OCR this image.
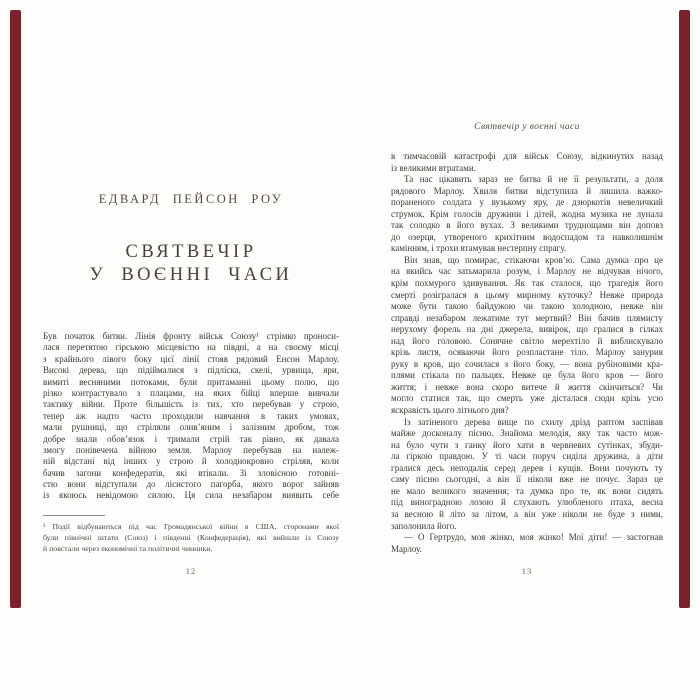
ЕДВАРД ПЕЙСОН РОУ
СВЯТВЕЧІР
У ВОЄННІ ЧАСИ
Був початок битви. Лінія фронту військ Союзу¹ стрімко проноси-
лася перетятою гірською місцевістю на півдні, а на своєму місці
з крайнього лівого боку цієї лінії стояв рядовий Енсон Марлоу.
Високі дерева, що підіймалися з підліска, скелі, урвища, яри,
вимиті весняними потоками, були притаманні цьому полю, що
різко контрастувало з плацами, на яких бійці вперше вивчали
тактику війни. Проте більшість із тих, хто перебував у строю,
тепер аж надто часто проходили навчання в таких умовах,
мали рушниці, що стріляли олив’яним і залізним дробом, тож
добре знали обов’язок і тримали стрій так рівно, як давала
змогу понівечена війною земля. Марлоу перебував на належ-
ній відстані від інших у строю й холоднокровно стріляв, коли
бачив загони конфедератів, які втікали. Зі зловісною готовні-
стю вони відступали до лісистого пагорба, якого ворог зайняв
із якоюсь невідомою силою. Ця сила незабаром виявить себе
¹ Події відбуваються під час Громадянської війни в США, сторонами якої
були північні штати (Союз) і південні (Конфедерація), які вийшли із Союзу
й повстали через економічні та політичні чинники.
12
Святвечір у воєнні часи
в тимчасовій катастрофі для військ Союзу, відкинутих назад
із великими втратами.
Та нас цікавить зараз не битва й не її результати, а доля
рядового Марлоу. Хвиля битви відступила й лишила важко-
пораненого солдата у вузькому яру, де дзюркотів невеличкий
струмок. Крім голосів дружини і дітей, жодна музика не лунала
так солодко в його вухах. З великими труднощами він доповз
до озерця, утвореного крихітним водоспадом та навколишнім
камінням, і трохи втамував нестерпну спрагу.
Він знав, що помирає, стікаючи кров’ю. Сама думка про це
на якийсь час затьмарила розум, і Марлоу не відчував нічого,
крім похмурого здивування. Як так сталося, що трагедія його
смерті розігралася в цьому мирному куточку? Невже природа
може бути такою байдужою чи такою холодною, невже він
справді незабаром лежатиме тут мертвий? Він бачив плямисту
нерухому форель на дні джерела, вивірок, що гралися в гілках
над його головою. Сонячне світло мерехтіло й виблискувало
крізь листя, осяваючи його розпластане тіло. Марлоу занурив
руку в кров, що сочилася з його боку, — вона рубіновими кра-
плями стікала по пальцях. Невже це була його кров — його
життя; і невже вона скоро витече й життя скінчиться? Чи
могло статися так, що смерть уже дісталася сюди крізь усю
яскравість цього літнього дня?
Із затіненого дерева вище по схилу дрізд раптом заспівав
майже досконалу пісню. Знайома мелодія, яку так часто мож-
на було чути з ганку його хати в червневих сутінках, збуди-
ла гіркою правдою. У ті часи поруч сиділа дружина, а діти
гралися десь неподалік серед дерев і кущів. Вони почують ту
саму пісню сьогодні, а він її ніколи вже не почує. Зараз це
не мало великого значення; та думка про те, як вони сидять
під виноградною лозою й слухають улюбленого птаха, весна
за весною й літо за літом, а він уже ніколи не буде з ними,
заполонила його.
— О Гертрудо, моя жінко, моя жінко! Мої діти! — застогнав
Марлоу.
13
